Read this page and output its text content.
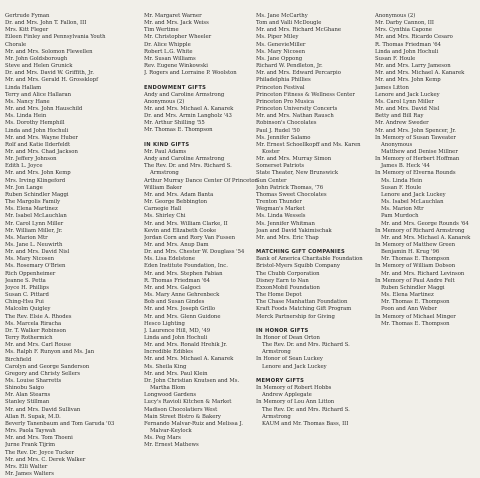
Gertrude Fyman
Dr. and Mrs. John T. Fallon, III
Mrs. Kitt Fleger
Eileen Finley and Pennsylvania Youth
Chorale
Mr. and Mrs. Solomon Flewellen
Mr. John Goldsborough
Steve and Helen Grunick
Dr. and Mrs. David W. Griffith, Jr.
Mr. and Mrs. Gerald H. Grossklopf
Linda Hallam
Terry and Alice Hallaran
Ms. Nancy Hane
Mr. and Mrs. John Hauschild
Ms. Linda Hein
Ms. Dorothy Hemphill
Linda and John Hochuli
Mr. and Mrs. Wayne Huber
Rolf and Katie Ilderfeldt
Mr. and Mrs. Chad Jackson
Mr. Jeffery Johnson
Edith L. Joyce
Mr. and Mrs. John Kemp
Mrs. Irving Klingeford
Mr. Jon Lange
Ruben Schindler Maggi
The Margolis Family
Ms. Elena Martinez
Mr. Isabel McLauchlan
Mr. Carol Lynn Miller
Mr. William Miller, Jr.
Ms. Marion Mtr
Ms. Jane L. Neuwirth
Mr. and Mrs. David Nisl
Ms. Mary Nicosen
Ms. Rosemary O'Brien
Rich Oppenheimer
Jeanne S. Petta
Joyce H. Phillips
Susan C. Pittard
Ching-Hsu Pui
Malcolm Quigley
The Rev. Elsie A. Rhodes
Ms. Marcela Riracha
Dr. T. Walker Robinson
Terry Rothermich
Mr. and Mrs. Carl Rouse
Ms. Ralph F. Runyon and Ms. Jan
Birchfield
Carolyn and George Sanderson
Gregory and Christy Sellers
Ms. Louise Sharretts
Shinobu Saigo
Mr. Alan Stearns
Stanley Stillman
Mr. and Mrs. David Sullivan
Allan R. Supak, M.D.
Beverly Tanenbaum and Tom Garuda '03
Mrs. Paola Taywah
Mr. and Mrs. Tom Thoeni
Jurne Frank Tijrim
The Rev. Dr. Joyce Tucker
Mr. and Mrs. C. Derek Walker
Mrs. Elli Walter
Mr. James Walters
Mr. Margaret Warner
Mr. and Mrs. Jack Weiss
Tim Wertime
Mr. Christopher Wheeler
Dr. Alice Whipple
Robert L.G. White
Mr. Susan Williams
Rev. Eugene Winkowski
J. Rogers and Lorraine P. Woolston
ENDOWMENT GIFTS
Andy and Caroline Armstrong
Anonymous (2)
Mr. and Mrs. Michael A. Kanarek
Dr. and Mrs. Armin Langholz '43
Mr. Arthur Shilling '55
Mr. Thomas E. Thompson
IN KIND GIFTS
Mr. Paul Adams
Andy and Caroline Armstrong
The Rev. Dr. and Mrs. Richard S.
Armstrong
Arthur Murray Dance Center Of Princeton
William Baker
Mr. and Mrs. Adam Banta
Mr. George Bebbington
Carnegie Hall
Ms. Shirley Chi
Mr. and Mrs. William Clarke, II
Kevin and Elizabeth Cooke
Jordan Corn and Rory Van Fussen
Mr. and Mrs. Anup Dam
Dr. and Mrs. Chester W. Douglass '54
Ms. Lisa Edelstone
Eden Institute Foundation, Inc.
Mr. and Mrs. Stephen Fabian
R. Thomas Friedman '64
Mr. and Mrs. Galgoci
Ms. Mary Anne Gehrenbeck
Bob and Susan Gindes
Mr. and Mrs. Joseph Grillo
Mr. and Mrs. Glenn Guidone
Hesco Lighting
J. Laurence Hill, MD, '49
Linda and John Hochuli
Mr. and Mrs. Ronald Hrehik Jr.
Incredible Edibles
Mr. and Mrs. Michael A. Kanarek
Ms. Sheila King
Mr. and Mrs. Paul Klein
Dr. John Christian Knutsen and Ms.
Martha Blom
Longwood Gardens
Lucy's Ravioli Kitchen & Market
Madison Chocolatiers West
Main Street Bistro & Bakery
Fernando Malvar-Ruiz and Melissa J.
Malvar-Keylock
Ms. Peg Mars
Mr. Ernest Mathews
Ms. Jane McCarthy
Tom and Valli McDougle
Mr. and Mrs. Richard McGhane
Ms. Piper Miley
Ms. GenevieMiller
Ms. Mary Nicosen
Ms. Jane Oppong
Richard W. Pendleton, Jr.
Mr. and Mrs. Edward Percarpio
Philadelphia Phillies
Princeton Festival
Princeton Fitness & Wellness Center
Princeton Pro Musica
Princeton University Concerts
Mr. and Mrs. Nathan Rausch
Robinson's Chocolates
Paul J. Rudel '50
Ms. Jennifer Salamo
Mr. Ernest Schoellkopff and Ms. Karen
Koster
Mr. and Mrs. Murray Simon
Somerset Patriots
State Theater, New Brunswick
Sun Center
John Patrick Thomas, '76
Thomas Sweet Chocolates
Trenton Thunder
Wegman's Market
Ms. Linda Wessels
Ms. Jennifer Whitman
Joan and David Yakimischak
Mr. and Mrs. Eric Yhap
MATCHING GIFT COMPANIES
Bank of America Charitable Foundation
Bristol-Myers Squibb Company
The Chubb Corporation
Disney Earn to Nan
ExxonMobil Foundation
The Home Depot
The Chase Manhattan Foundation
Kraft Foods Matching Gift Program
Merck Partnership for Giving
IN HONOR GIFTS
In Honor of Dean Orton
The Rev. Dr. and Mrs. Richard S.
Armstrong
In Honor of Sean Luckey
Lenore and Jack Luckey
MEMORY GIFTS
In Memory of Robert Hobbs
Andrew Applegate
In Memory of Lou Ann Litton
The Rev. Dr. and Mrs. Richard S.
Armstrong
KAUM and Mr. Thomas Bass, III
Anonymous (2)
Mr. Darby Cannon, III
Mrs. Cynthia Capone
Mr. and Mrs. Ricardo Cesaro
R. Thomas Friedman '64
Linda and John Hochuli
Susan F. Houle
Mr. and Mrs. Larry Jameson
Mr. and Mrs. Michael A. Kanarek
Mr. and Mrs. John Kemp
James Litton
Lenore and Jack Luckey
Ms. Carol Lynn Miller
Mr. and Mrs. David Nisl
Betty and Bill Ray
Mr. Andrew Sweder
Mr. and Mrs. John Spencer, Jr.
In Memory of Susan Taweater
Anonymous
Matthew and Denise Millner
In Memory of Herbert Hoffman
James B. Heck '44
In Memory of Elverna Rounds
Ms. Linda Hein
Susan F. Houle
Lenore and Jack Luckey
Ms. Isabel McLauchlan
Ms. Marion Mtr
Pam Murdoch
Mr. and Mrs. George Rounds '64
In Memory of Richard Armstrong
Mr. and Mrs. Michael A. Kanarek
In Memory of Matthew Green
Benjamin H. Krug '96
Mr. Thomas E. Thompson
In Memory of William Dobson
Mr. and Mrs. Richard Levinson
In Memory of Paul Andre Felt
Ruben Schindler Maggi
Ms. Elena Martinez
Mr. Thomas E. Thompson
Poon and Ann Weber
In Memory of Michael Minger
Mr. Thomas E. Thompson
